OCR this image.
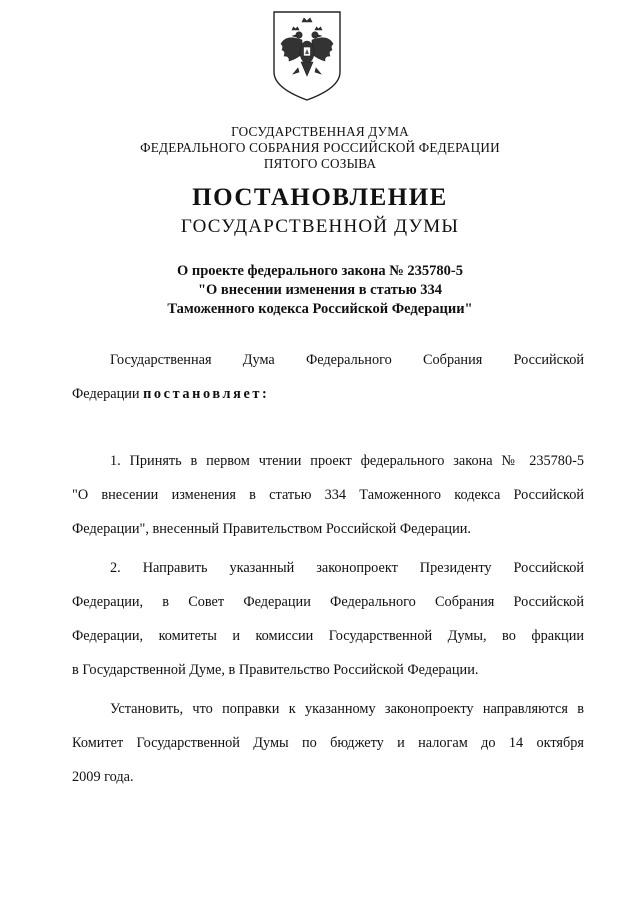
ГОСУДАРСТВЕННАЯ ДУМА
ФЕДЕРАЛЬНОГО СОБРАНИЯ РОССИЙСКОЙ ФЕДЕРАЦИИ
ПЯТОГО СОЗЫВА
ПОСТАНОВЛЕНИЕ
ГОСУДАРСТВЕННОЙ ДУМЫ
О проекте федерального закона № 235780-5
"О внесении изменения в статью 334
Таможенного кодекса Российской Федерации"
Государственная Дума Федерального Собрания Российской
Федерации постановляет:
1. Принять в первом чтении проект федерального закона № 235780-5
"О внесении изменения в статью 334 Таможенного кодекса Российской
Федерации", внесенный Правительством Российской Федерации.
2. Направить указанный законопроект Президенту Российской
Федерации, в Совет Федерации Федерального Собрания Российской
Федерации, комитеты и комиссии Государственной Думы, во фракции
в Государственной Думе, в Правительство Российской Федерации.
Установить, что поправки к указанному законопроекту направляются в
Комитет Государственной Думы по бюджету и налогам до 14 октября
2009 года.
